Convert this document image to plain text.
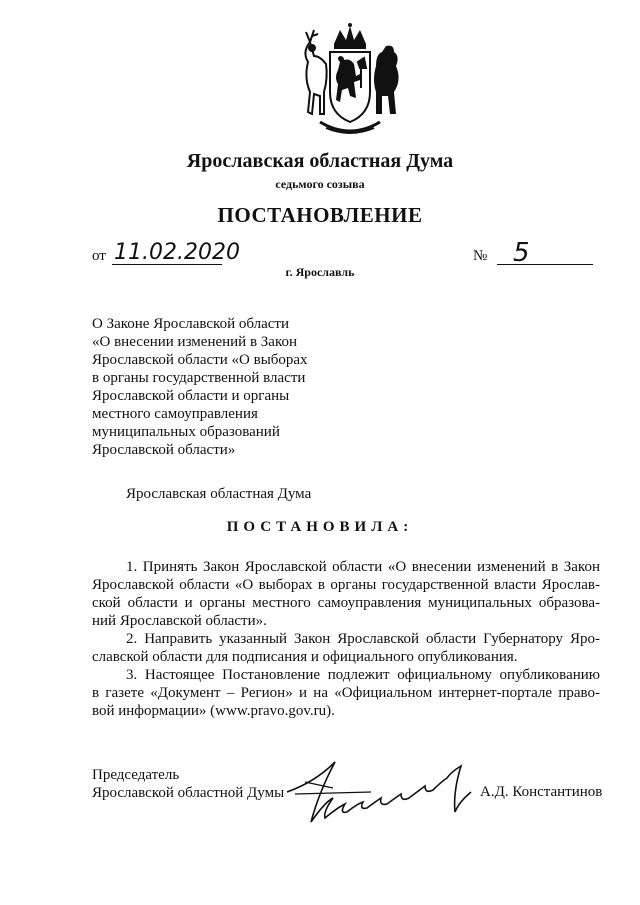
Ярославская областная Дума
седьмого созыва
ПОСТАНОВЛЕНИЕ
от 11.02.2020	№ 5
г. Ярославль
О Законе Ярославской области
«О внесении изменений в Закон
Ярославской области «О выборах
в органы государственной власти
Ярославской области и органы
местного самоуправления
муниципальных образований
Ярославской области»
Ярославская областная Дума
ПОСТАНОВИЛА:
1. Принять Закон Ярославской области «О внесении изменений в Закон
Ярославской области «О выборах в органы государственной власти Ярослав-
ской области и органы местного самоуправления муниципальных образова-
ний Ярославской области».
2. Направить указанный Закон Ярославской области Губернатору Яро-
славской области для подписания и официального опубликования.
3. Настоящее Постановление подлежит официальному опубликованию
в газете «Документ – Регион» и на «Официальном интернет-портале право-
вой информации» (www.pravo.gov.ru).
Председатель
Ярославской областной Думы	А.Д. Константинов
